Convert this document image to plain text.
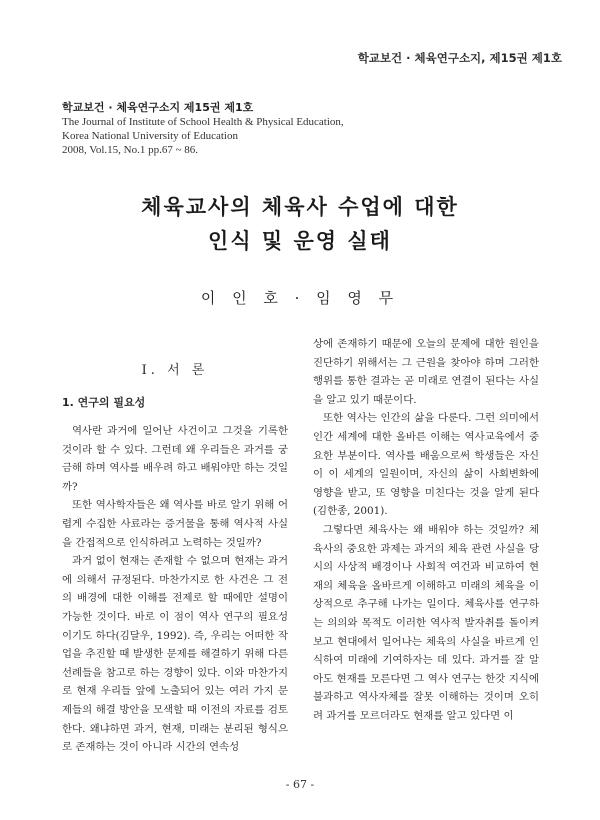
학교보건 · 체육연구소지, 제15권 제1호
학교보건 · 체육연구소지 제15권 제1호
The Journal of Institute of School Health & Physical Education,
Korea National University of Education
2008, Vol.15, No.1 pp.67 ~ 86.
체육교사의 체육사 수업에 대한
인식 및 운영 실태
이 인 호 · 임 영 무
I. 서 론
1. 연구의 필요성

역사란 과거에 일어난 사건이고 그것을 기록한 것이라 할 수 있다. 그런데 왜 우리들은 과거를 궁금해 하며 역사를 배우려 하고 배워야만 하는 것일까?

또한 역사학자들은 왜 역사를 바로 알기 위해 어렵게 수집한 사료라는 증거물을 통해 역사적 사실을 간접적으로 인식하려고 노력하는 것일까?

과거 없이 현재는 존재할 수 없으며 현재는 과거에 의해서 규정된다. 마찬가지로 한 사건은 그 전의 배경에 대한 이해를 전제로 할 때에만 설명이 가능한 것이다. 바로 이 점이 역사 연구의 필요성이기도 하다(김달우, 1992). 즉, 우리는 어떠한 작업을 추진할 때 발생한 문제를 해결하기 위해 다른 선례들을 참고로 하는 경향이 있다. 이와 마찬가지로 현재 우리들 앞에 노출되어 있는 여러 가지 문제들의 해결 방안을 모색할 때 이전의 자료를 검토한다. 왜냐하면 과거, 현재, 미래는 분리된 형식으로 존재하는 것이 아니라 시간의 연속성

상에 존재하기 때문에 오늘의 문제에 대한 원인을 진단하기 위해서는 그 근원을 찾아야 하며 그러한 행위를 통한 결과는 곧 미래로 연결이 된다는 사실을 알고 있기 때문이다.

또한 역사는 인간의 삶을 다룬다. 그런 의미에서 인간 세계에 대한 올바른 이해는 역사교육에서 중요한 부분이다. 역사를 배움으로써 학생들은 자신이 이 세계의 일원이며, 자신의 삶이 사회변화에 영향을 받고, 또 영향을 미친다는 것을 알게 된다(김한종, 2001).

그렇다면 체육사는 왜 배워야 하는 것일까? 체육사의 중요한 과제는 과거의 체육 관련 사실을 당시의 사상적 배경이나 사회적 여건과 비교하여 현재의 체육을 올바르게 이해하고 미래의 체육을 이상적으로 추구해 나가는 일이다. 체육사를 연구하는 의의와 목적도 이러한 역사적 발자취를 돌이켜 보고 현대에서 일어나는 체육의 사실을 바르게 인식하여 미래에 기여하자는 데 있다. 과거를 잘 알아도 현재를 모른다면 그 역사 연구는 한갓 지식에 불과하고 역사자체를 잘못 이해하는 것이며 오히려 과거를 모르더라도 현재를 알고 있다면 이

- 67 -
